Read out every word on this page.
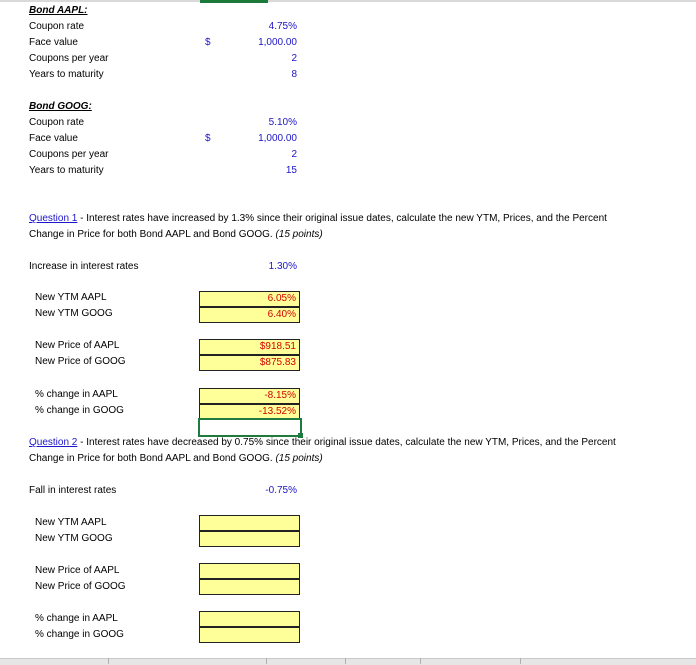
Bond AAPL:
Coupon rate	4.75%
Face value	$	1,000.00
Coupons per year	2
Years to maturity	8
Bond GOOG:
Coupon rate	5.10%
Face value	$	1,000.00
Coupons per year	2
Years to maturity	15
Question 1 - Interest rates have increased by 1.3% since their original issue dates, calculate the new YTM, Prices, and the Percent
Change in Price for both Bond AAPL and Bond GOOG. (15 points)
Increase in interest rates	1.30%
New YTM AAPL	6.05%
New YTM GOOG	6.40%
New Price of AAPL	$918.51
New Price of GOOG	$875.83
% change in AAPL	-8.15%
% change in GOOG	-13.52%
Question 2 - Interest rates have decreased by 0.75% since their original issue dates, calculate the new YTM, Prices, and the Percent
Change in Price for both Bond AAPL and Bond GOOG. (15 points)
Fall in interest rates	-0.75%
New YTM AAPL
New YTM GOOG
New Price of AAPL
New Price of GOOG
% change in AAPL
% change in GOOG
